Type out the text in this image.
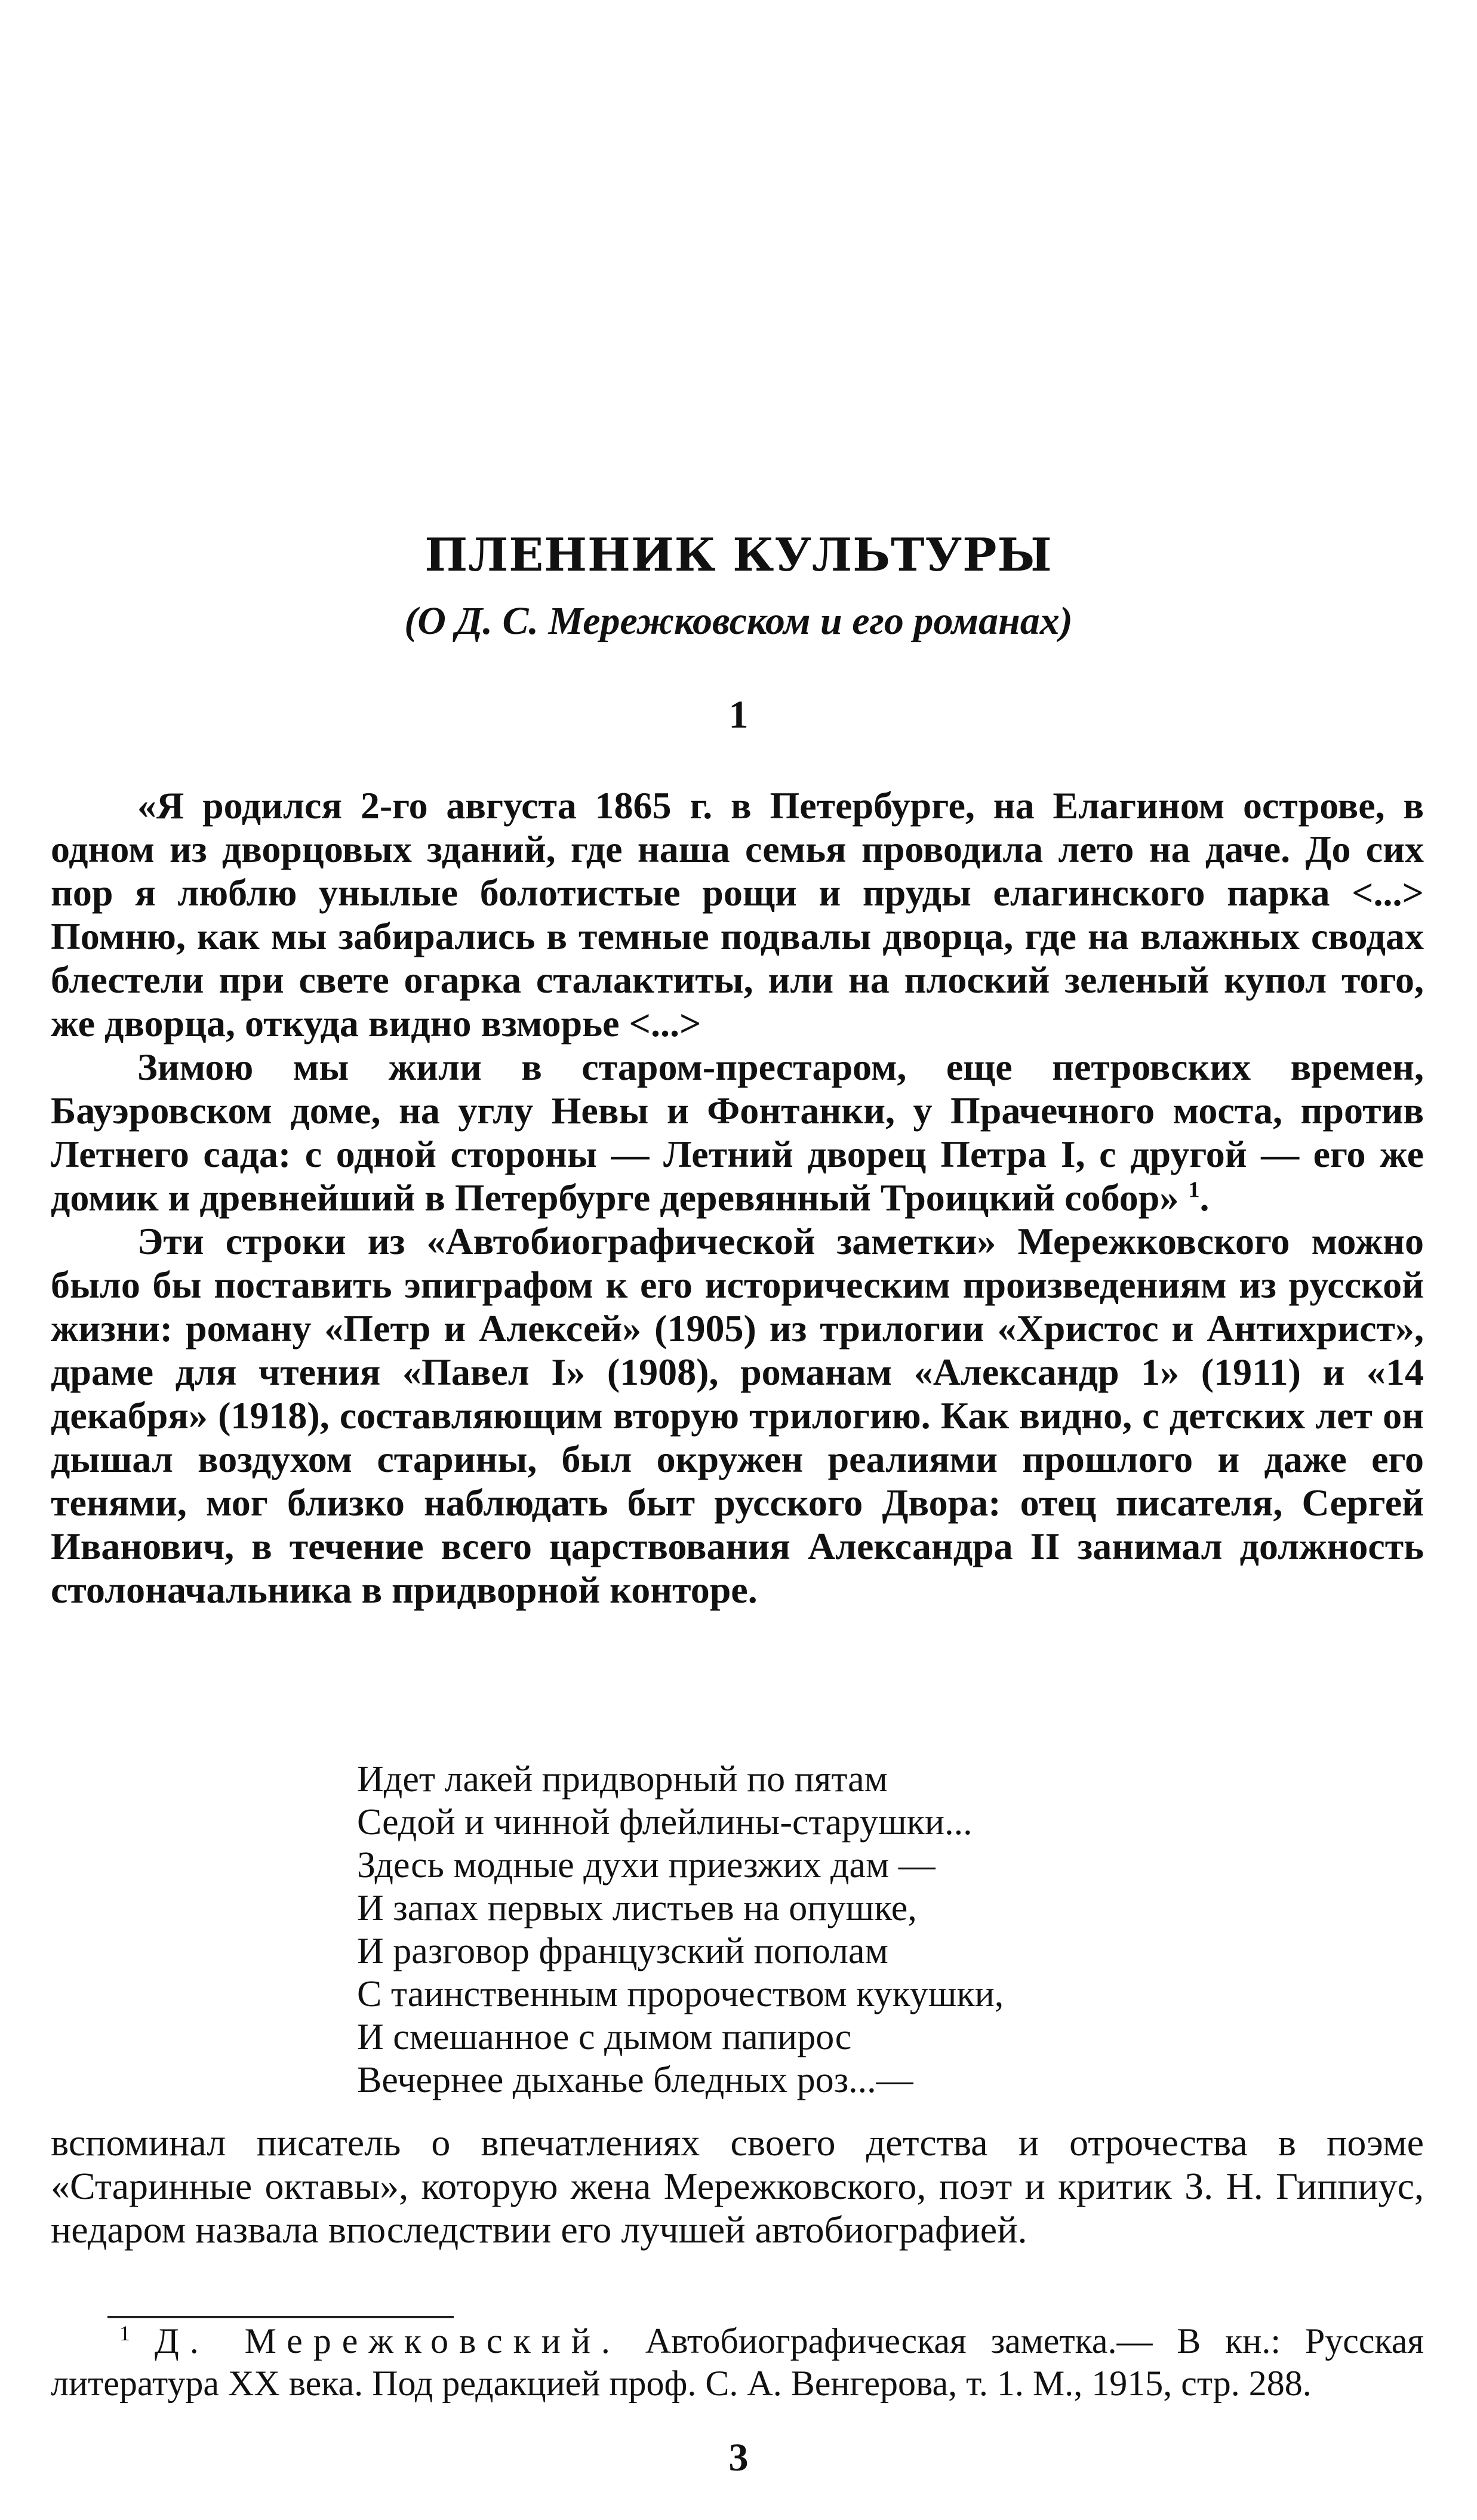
ПЛЕННИК КУЛЬТУРЫ
(О Д. С. Мережковском и его романах)
1

«Я родился 2-го августа 1865 г. в Петербурге, на Елагином острове, в одном из дворцовых зданий, где наша семья проводила лето на даче. До сих пор я люблю унылые болотистые рощи и пруды елагинского парка <...> Помню, как мы забирались в темные подвалы дворца, где на влажных сводах блестели при свете огарка сталактиты, или на плоский зеленый купол того, же дворца, откуда видно взморье <...>

Зимою мы жили в старом-престаром, еще петровских времен, Бауэровском доме, на углу Невы и Фонтанки, у Прачечного моста, против Летнего сада: с одной стороны — Летний дворец Петра I, с другой — его же домик и древнейший в Петербурге деревянный Троицкий собор» $^1$.

Эти строки из «Автобиографической заметки» Мережковского можно было бы поставить эпиграфом к его историческим произведениям из русской жизни: роману «Петр и Алексей» (1905) из трилогии «Христос и Антихрист», драме для чтения «Павел I» (1908), романам «Александр 1» (1911) и «14 декабря» (1918), составляющим вторую трилогию. Как видно, с детских лет он дышал воздухом старины, был окружен реалиями прошлого и даже его тенями, мог близко наблюдать быт русского Двора: отец писателя, Сергей Иванович, в течение всего царствования Александра II занимал должность столоначальника в придворной конторе.

Идет лакей придворный по пятам
Седой и чинной флейлины-старушки...
Здесь модные духи приезжих дам —
И запах первых листьев на опушке,
И разговор французский пополам
С таинственным пророчеством кукушки,
И смешанное с дымом папирос
Вечернее дыханье бледных роз...—

вспоминал писатель о впечатлениях своего детства и отрочества в поэме «Старинные октавы», которую жена Мережковского, поэт и критик З. Н. Гиппиус, недаром назвала впоследствии его лучшей автобиографией.

$^1$ Д. Мережковский. Автобиографическая заметка.— В кн.: Русская литература XX века. Под редакцией проф. С. А. Венгерова, т. 1. М., 1915, стр. 288.

3
